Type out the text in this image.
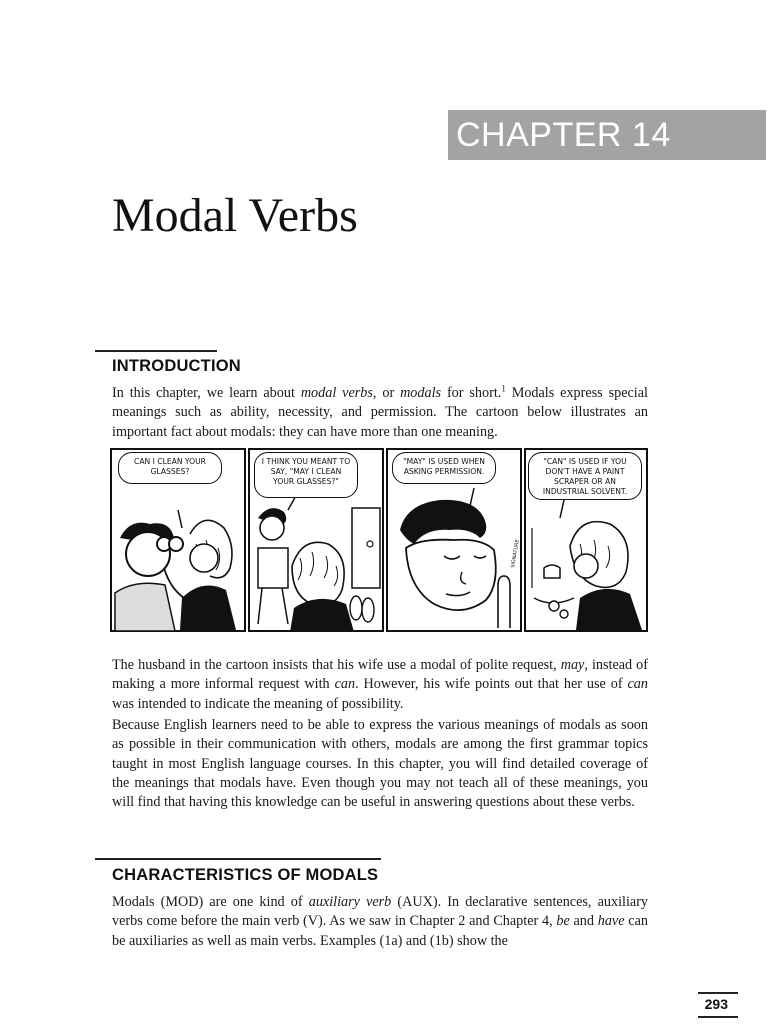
CHAPTER 14
Modal Verbs
INTRODUCTION

In this chapter, we learn about modal verbs, or modals for short.$^1$ Modals express special meanings such as ability, necessity, and permission. The cartoon below illustrates an important fact about modals: they can have more than one meaning.

CAN I CLEAN YOUR GLASSES?
I THINK YOU MEANT TO SAY, "MAY I CLEAN YOUR GLASSES?"
SIGNATURE
"MAY" IS USED WHEN ASKING PERMISSION.
"CAN" IS USED IF YOU DON'T HAVE A PAINT SCRAPER OR AN INDUSTRIAL SOLVENT.

The husband in the cartoon insists that his wife use a modal of polite request, may, instead of making a more informal request with can. However, his wife points out that her use of can was intended to indicate the meaning of possibility.

Because English learners need to be able to express the various meanings of modals as soon as possible in their communication with others, modals are among the first grammar topics taught in most English language courses. In this chapter, you will find detailed coverage of the meanings that modals have. Even though you may not teach all of these meanings, you will find that having this knowledge can be useful in answering questions about these verbs.

CHARACTERISTICS OF MODALS

Modals (MOD) are one kind of auxiliary verb (AUX). In declarative sentences, auxiliary verbs come before the main verb (V). As we saw in Chapter 2 and Chapter 4, be and have can be auxiliaries as well as main verbs. Examples (1a) and (1b) show the

293
